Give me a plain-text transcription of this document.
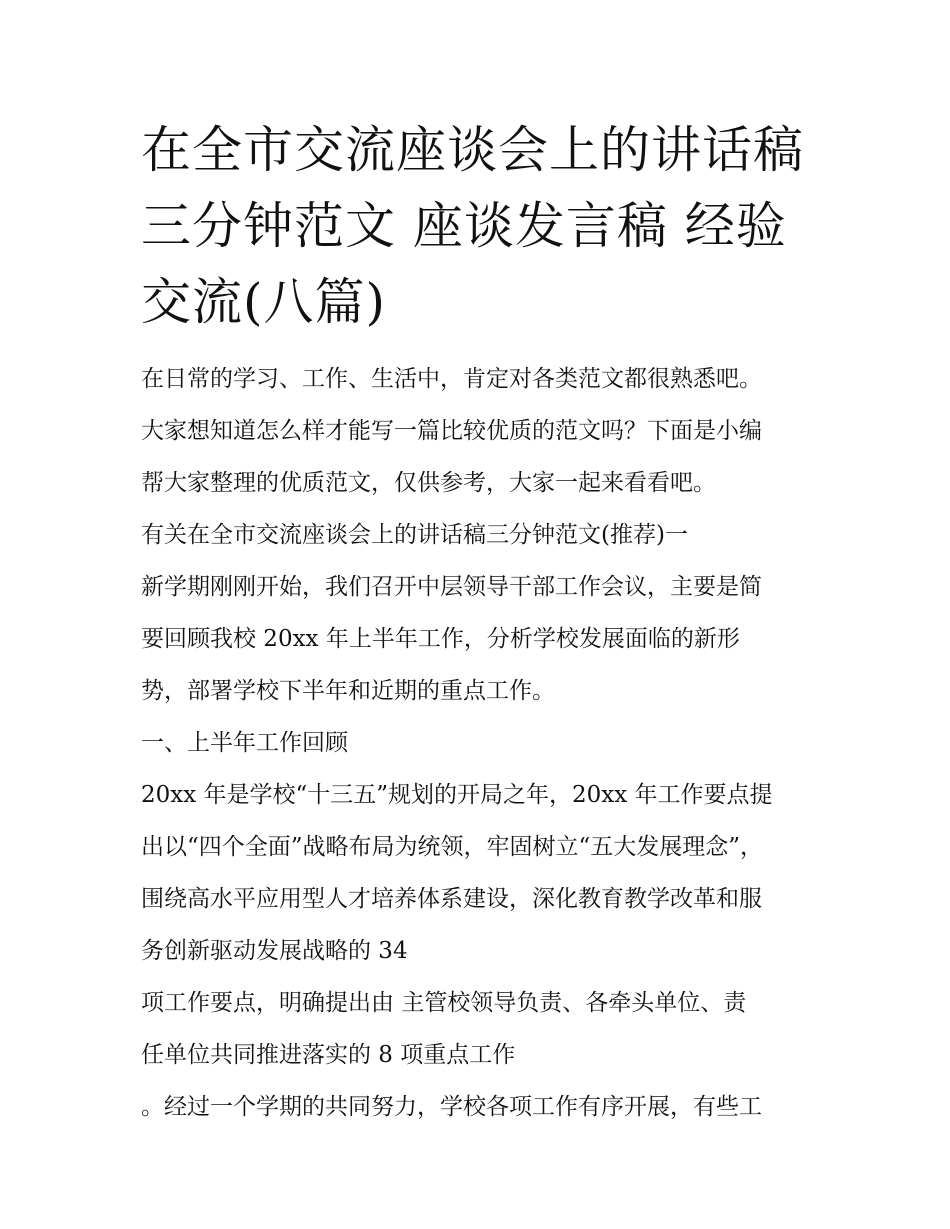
在全市交流座谈会上的讲话稿
三分钟范文 座谈发言稿 经验
交流(八篇)
在日常的学习、工作、生活中，肯定对各类范文都很熟悉吧。
大家想知道怎么样才能写一篇比较优质的范文吗？下面是小编
帮大家整理的优质范文，仅供参考，大家一起来看看吧。
有关在全市交流座谈会上的讲话稿三分钟范文(推荐)一
新学期刚刚开始，我们召开中层领导干部工作会议，主要是简
要回顾我校 20xx 年上半年工作，分析学校发展面临的新形
势，部署学校下半年和近期的重点工作。
一、上半年工作回顾
20xx 年是学校“十三五”规划的开局之年，20xx 年工作要点提
出以“四个全面”战略布局为统领，牢固树立“五大发展理念”，
围绕高水平应用型人才培养体系建设，深化教育教学改革和服
务创新驱动发展战略的 34
项工作要点，明确提出由 主管校领导负责、各牵头单位、责
任单位共同推进落实的 8 项重点工作
。经过一个学期的共同努力，学校各项工作有序开展，有些工
